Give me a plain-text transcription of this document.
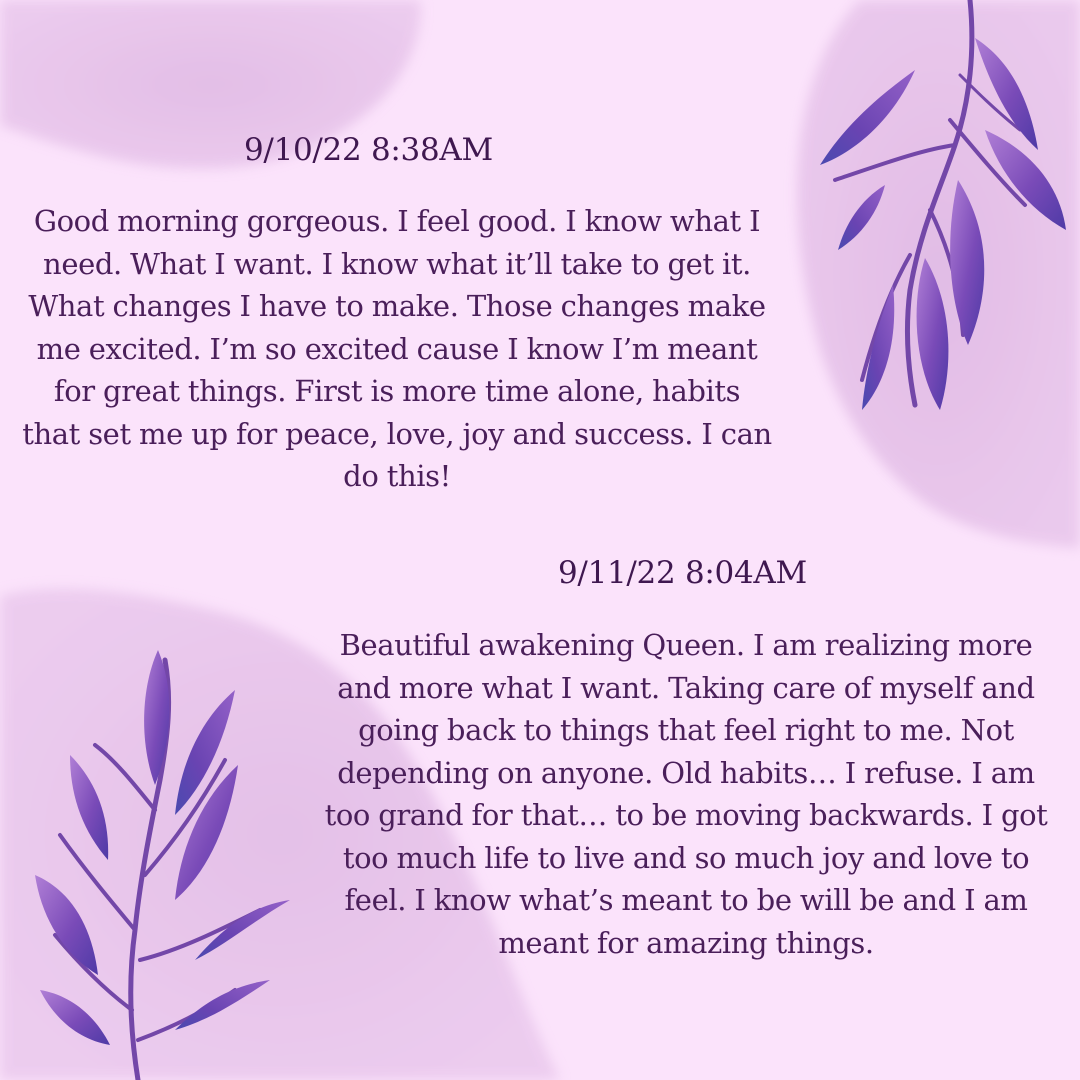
9/10/22 8:38AM
Good morning gorgeous. I feel good. I know what I need. What I want. I know what it’ll take to get it. What changes I have to make. Those changes make me excited. I’m so excited cause I know I’m meant for great things. First is more time alone, habits that set me up for peace, love, joy and success. I can do this!
9/11/22 8:04AM
Beautiful awakening Queen. I am realizing more and more what I want. Taking care of myself and going back to things that feel right to me. Not depending on anyone. Old habits… I refuse. I am too grand for that… to be moving backwards. I got too much life to live and so much joy and love to feel. I know what’s meant to be will be and I am meant for amazing things.
